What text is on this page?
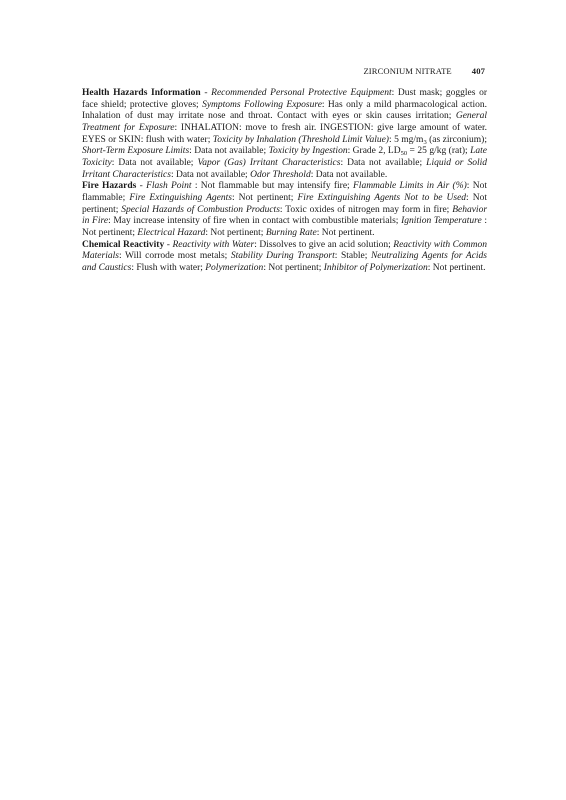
ZIRCONIUM NITRATE 407

Health Hazards Information - Recommended Personal Protective Equipment: Dust mask; goggles or face shield; protective gloves; Symptoms Following Exposure: Has only a mild pharmacological action. Inhalation of dust may irritate nose and throat. Contact with eyes or skin causes irritation; General Treatment for Exposure: INHALATION: move to fresh air. INGESTION: give large amount of water. EYES or SKIN: flush with water; Toxicity by Inhalation (Threshold Limit Value): 5 $mg/m_3$ (as zirconium); Short-Term Exposure Limits: Data not available; Toxicity by Ingestion: Grade 2, $LD_{50} = 25$ g/kg (rat); Late Toxicity: Data not available; Vapor (Gas) Irritant Characteristics: Data not available; Liquid or Solid Irritant Characteristics: Data not available; Odor Threshold: Data not available.

Fire Hazards - Flash Point : Not flammable but may intensify fire; Flammable Limits in Air (%): Not flammable; Fire Extinguishing Agents: Not pertinent; Fire Extinguishing Agents Not to be Used: Not pertinent; Special Hazards of Combustion Products: Toxic oxides of nitrogen may form in fire; Behavior in Fire: May increase intensity of fire when in contact with combustible materials; Ignition Temperature : Not pertinent; Electrical Hazard: Not pertinent; Burning Rate: Not pertinent.

Chemical Reactivity - Reactivity with Water: Dissolves to give an acid solution; Reactivity with Common Materials: Will corrode most metals; Stability During Transport: Stable; Neutralizing Agents for Acids and Caustics: Flush with water; Polymerization: Not pertinent; Inhibitor of Polymerization: Not pertinent.
